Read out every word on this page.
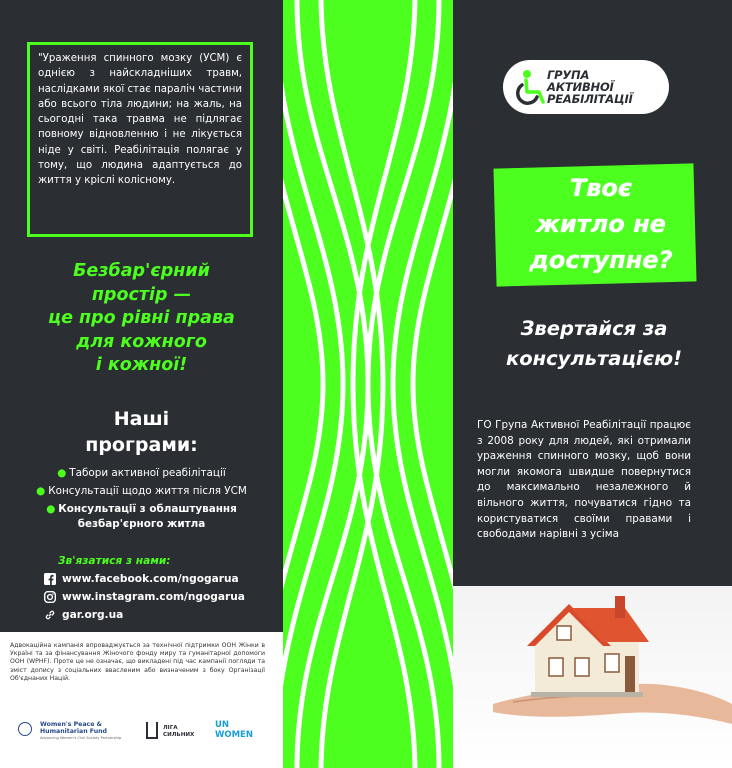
"Ураження спинного мозку (УСМ) є однією з найскладніших травм, наслідками якої стає параліч частини або всього тіла людини; на жаль, на сьогодні така травма не підлягає повному відновленню і не лікується ніде у світі. Реабілітація полягає у тому, що людина адаптується до життя у кріслі колісному.

Безбар'єрний
простір —
це про рівні права
для кожного
і кожної!
Наші
програми:
● Табори активної реабілітації
● Консультації щодо життя після УСМ
● Консультації з облаштування безбар'єрного житла
Зв'язатися з нами:
www.facebook.com/ngogarua
www.instagram.com/ngogarua
gar.org.ua

Адвокаційна кампанія впроваджується за технічної підтримки ООН Жінки в Україні та за фінансування Жіночого фонду миру та гуманітарної допомоги ООН (WPHF). Проте це не означає, що викладені під час кампанії погляди та зміст допису з соціальних ввасленим або визначеним з боку Організації Об'єднаних Націй.

Women's Peace &
Humanitarian Fund
Advancing Women's Civil Society Partnership
ЛІГА
СИЛЬНИХ
UN
WOMEN
ГРУПА
АКТИВНОЇ
РЕАБІЛІТАЦІЇ
Твоє
житло не
доступне?
Звертайся за
консультацією!

ГО Група Активної Реабілітації працює з 2008 року для людей, які отримали ураження спинного мозку, щоб вони могли якомога швидше повернутися до максимально незалежного й вільного життя, почуватися гідно та користуватися своїми правами і свободами нарівні з усіма
